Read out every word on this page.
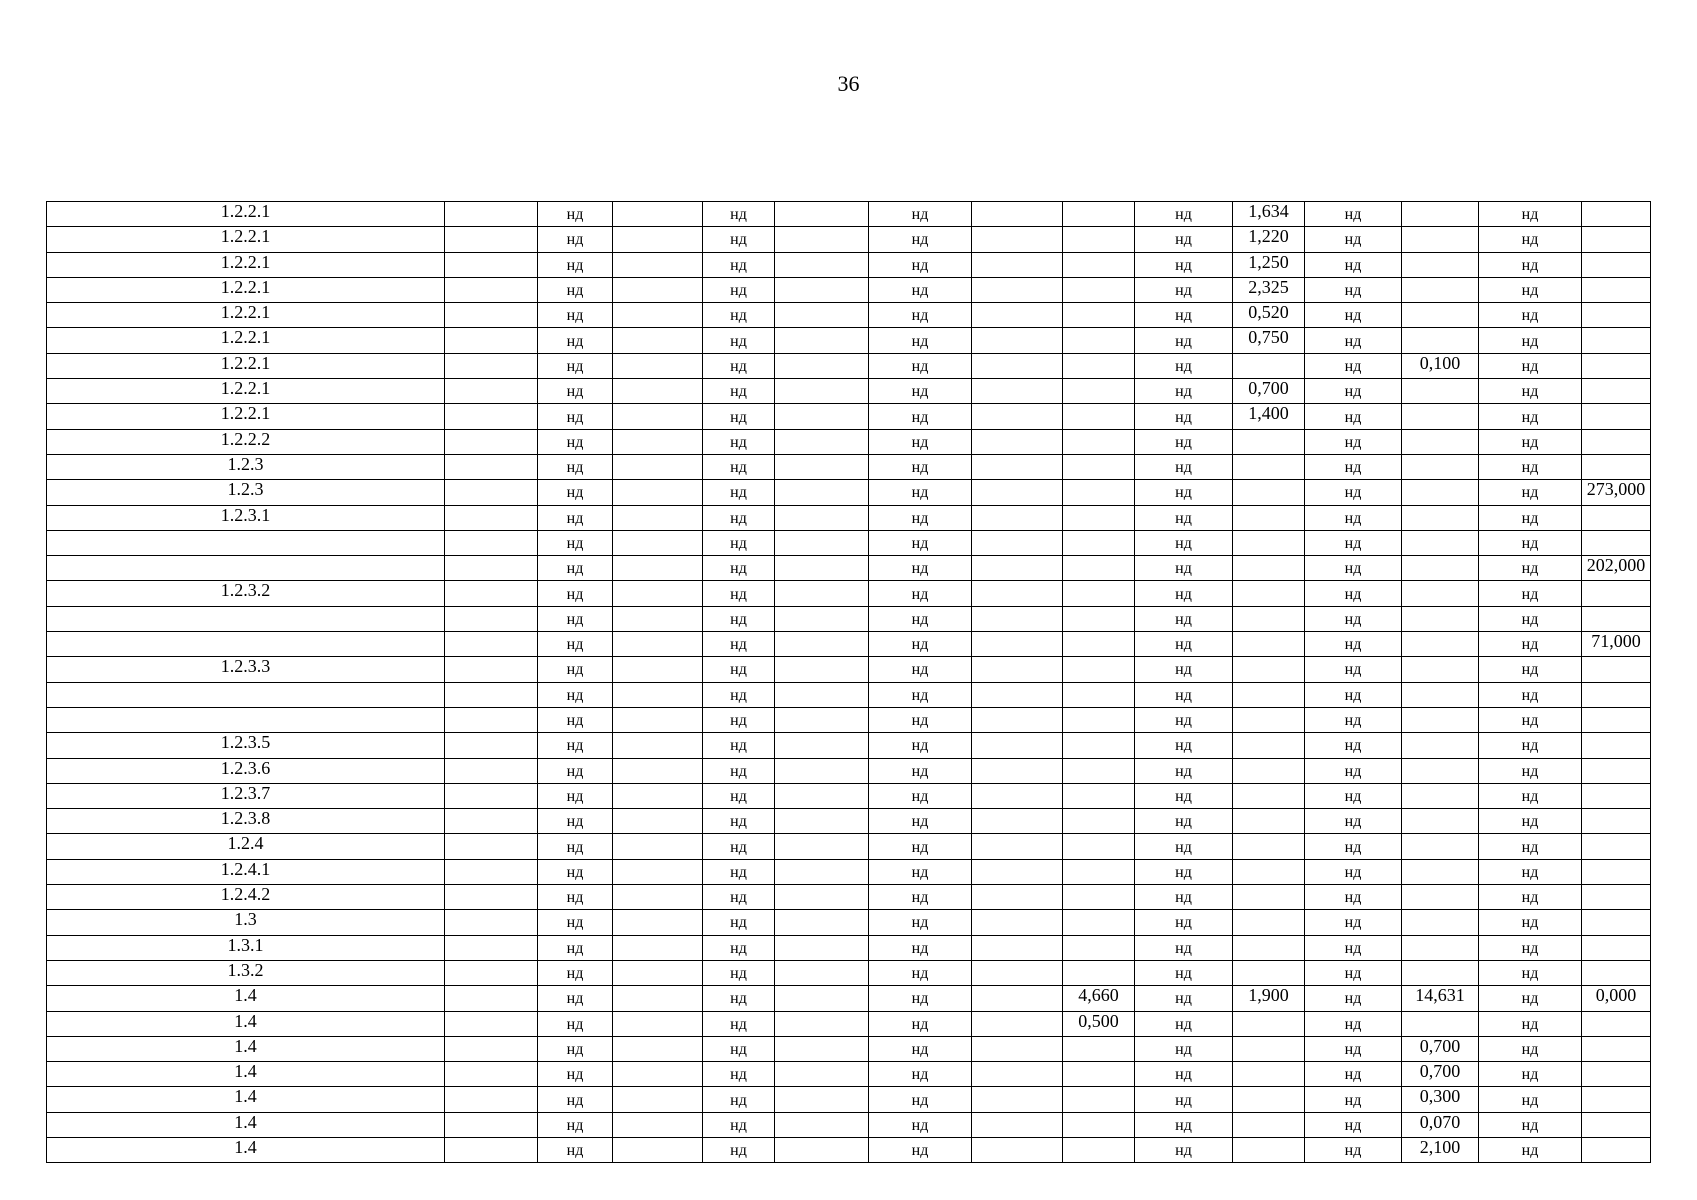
36
1.2.2.1		нд		нд		нд			нд	1,634	нд		нд	
1.2.2.1		нд		нд		нд			нд	1,220	нд		нд	
1.2.2.1		нд		нд		нд			нд	1,250	нд		нд	
1.2.2.1		нд		нд		нд			нд	2,325	нд		нд	
1.2.2.1		нд		нд		нд			нд	0,520	нд		нд	
1.2.2.1		нд		нд		нд			нд	0,750	нд		нд	
1.2.2.1		нд		нд		нд			нд		нд	0,100	нд	
1.2.2.1		нд		нд		нд			нд	0,700	нд		нд	
1.2.2.1		нд		нд		нд			нд	1,400	нд		нд	
1.2.2.2		нд		нд		нд			нд		нд		нд	
1.2.3		нд		нд		нд			нд		нд		нд	
1.2.3		нд		нд		нд			нд		нд		нд	273,000
1.2.3.1		нд		нд		нд			нд		нд		нд	
		нд		нд		нд			нд		нд		нд	
		нд		нд		нд			нд		нд		нд	202,000
1.2.3.2		нд		нд		нд			нд		нд		нд	
		нд		нд		нд			нд		нд		нд	
		нд		нд		нд			нд		нд		нд	71,000
1.2.3.3		нд		нд		нд			нд		нд		нд	
		нд		нд		нд			нд		нд		нд	
		нд		нд		нд			нд		нд		нд	
1.2.3.5		нд		нд		нд			нд		нд		нд	
1.2.3.6		нд		нд		нд			нд		нд		нд	
1.2.3.7		нд		нд		нд			нд		нд		нд	
1.2.3.8		нд		нд		нд			нд		нд		нд	
1.2.4		нд		нд		нд			нд		нд		нд	
1.2.4.1		нд		нд		нд			нд		нд		нд	
1.2.4.2		нд		нд		нд			нд		нд		нд	
1.3		нд		нд		нд			нд		нд		нд	
1.3.1		нд		нд		нд			нд		нд		нд	
1.3.2		нд		нд		нд			нд		нд		нд	
1.4		нд		нд		нд		4,660	нд	1,900	нд	14,631	нд	0,000
1.4		нд		нд		нд		0,500	нд		нд		нд	
1.4		нд		нд		нд			нд		нд	0,700	нд	
1.4		нд		нд		нд			нд		нд	0,700	нд	
1.4		нд		нд		нд			нд		нд	0,300	нд	
1.4		нд		нд		нд			нд		нд	0,070	нд	
1.4		нд		нд		нд			нд		нд	2,100	нд	
